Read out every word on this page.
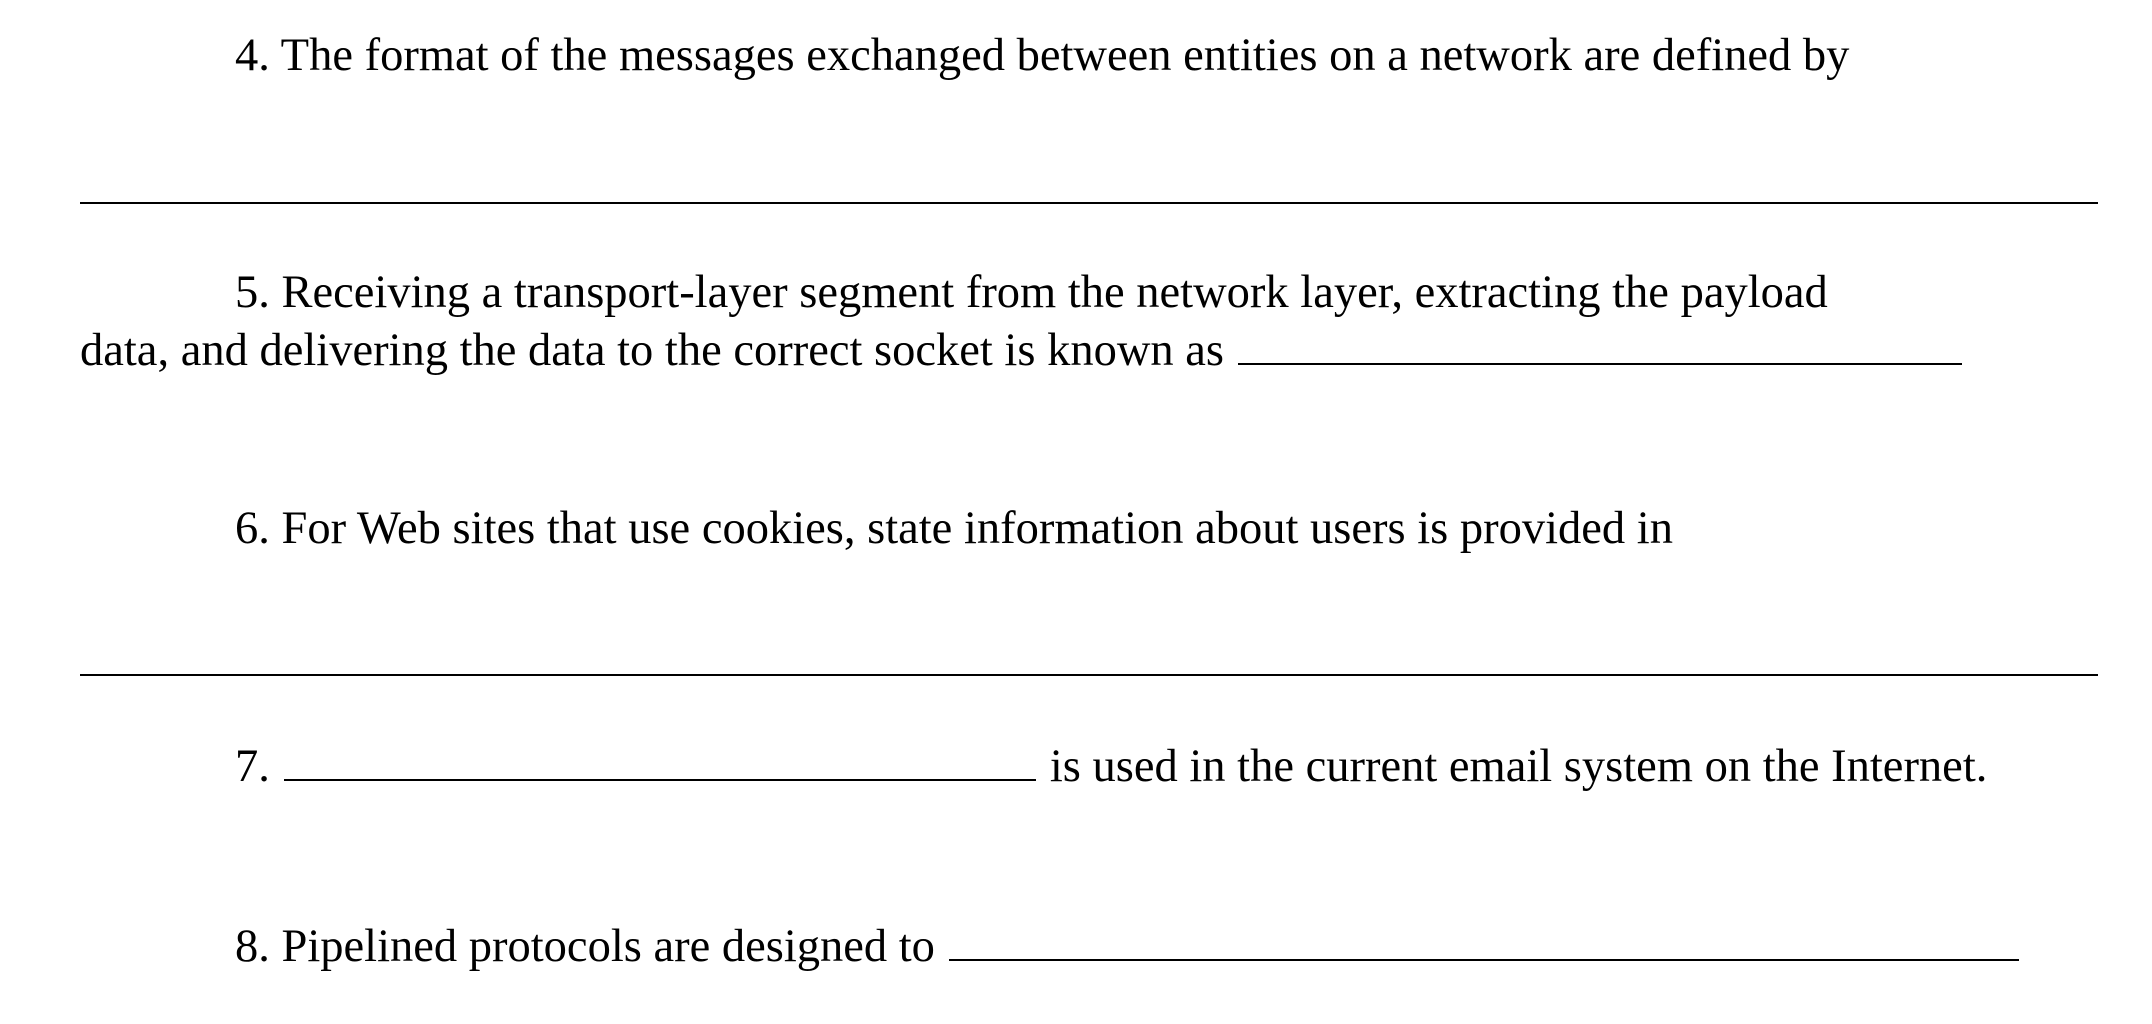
4. The format of the messages exchanged between entities on a network are defined by
5. Receiving a transport-layer segment from the network layer, extracting the payload
data, and delivering the data to the correct socket is known as
6. For Web sites that use cookies, state information about users is provided in
7.	is used in the current email system on the Internet.
8. Pipelined protocols are designed to
